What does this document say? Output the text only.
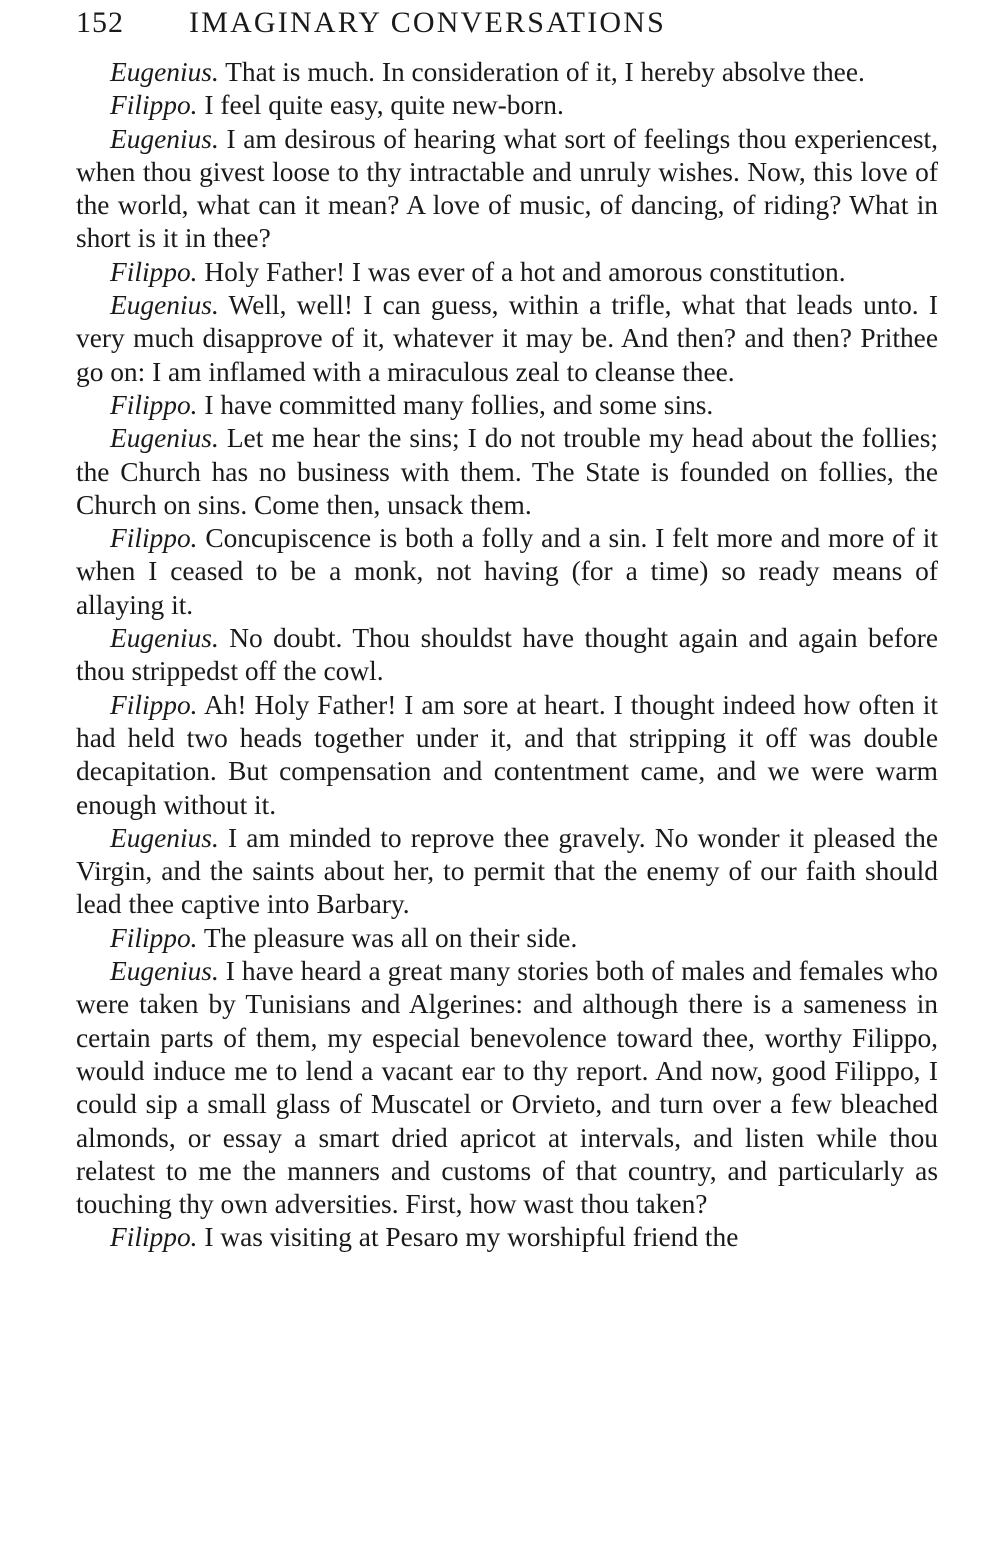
152 IMAGINARY CONVERSATIONS

Eugenius. That is much. In consideration of it, I hereby absolve thee.

Filippo. I feel quite easy, quite new-born.

Eugenius. I am desirous of hearing what sort of feelings thou experiencest, when thou givest loose to thy intractable and unruly wishes. Now, this love of the world, what can it mean? A love of music, of dancing, of riding? What in short is it in thee?

Filippo. Holy Father! I was ever of a hot and amorous constitution.

Eugenius. Well, well! I can guess, within a trifle, what that leads unto. I very much disapprove of it, whatever it may be. And then? and then? Prithee go on: I am inflamed with a miraculous zeal to cleanse thee.

Filippo. I have committed many follies, and some sins.

Eugenius. Let me hear the sins; I do not trouble my head about the follies; the Church has no business with them. The State is founded on follies, the Church on sins. Come then, unsack them.

Filippo. Concupiscence is both a folly and a sin. I felt more and more of it when I ceased to be a monk, not having (for a time) so ready means of allaying it.

Eugenius. No doubt. Thou shouldst have thought again and again before thou strippedst off the cowl.

Filippo. Ah! Holy Father! I am sore at heart. I thought indeed how often it had held two heads together under it, and that stripping it off was double decapitation. But compensation and contentment came, and we were warm enough without it.

Eugenius. I am minded to reprove thee gravely. No wonder it pleased the Virgin, and the saints about her, to permit that the enemy of our faith should lead thee captive into Barbary.

Filippo. The pleasure was all on their side.

Eugenius. I have heard a great many stories both of males and females who were taken by Tunisians and Algerines: and although there is a sameness in certain parts of them, my especial benevolence toward thee, worthy Filippo, would induce me to lend a vacant ear to thy report. And now, good Filippo, I could sip a small glass of Muscatel or Orvieto, and turn over a few bleached almonds, or essay a smart dried apricot at intervals, and listen while thou relatest to me the manners and customs of that country, and particularly as touching thy own adversities. First, how wast thou taken?

Filippo. I was visiting at Pesaro my worshipful friend the
